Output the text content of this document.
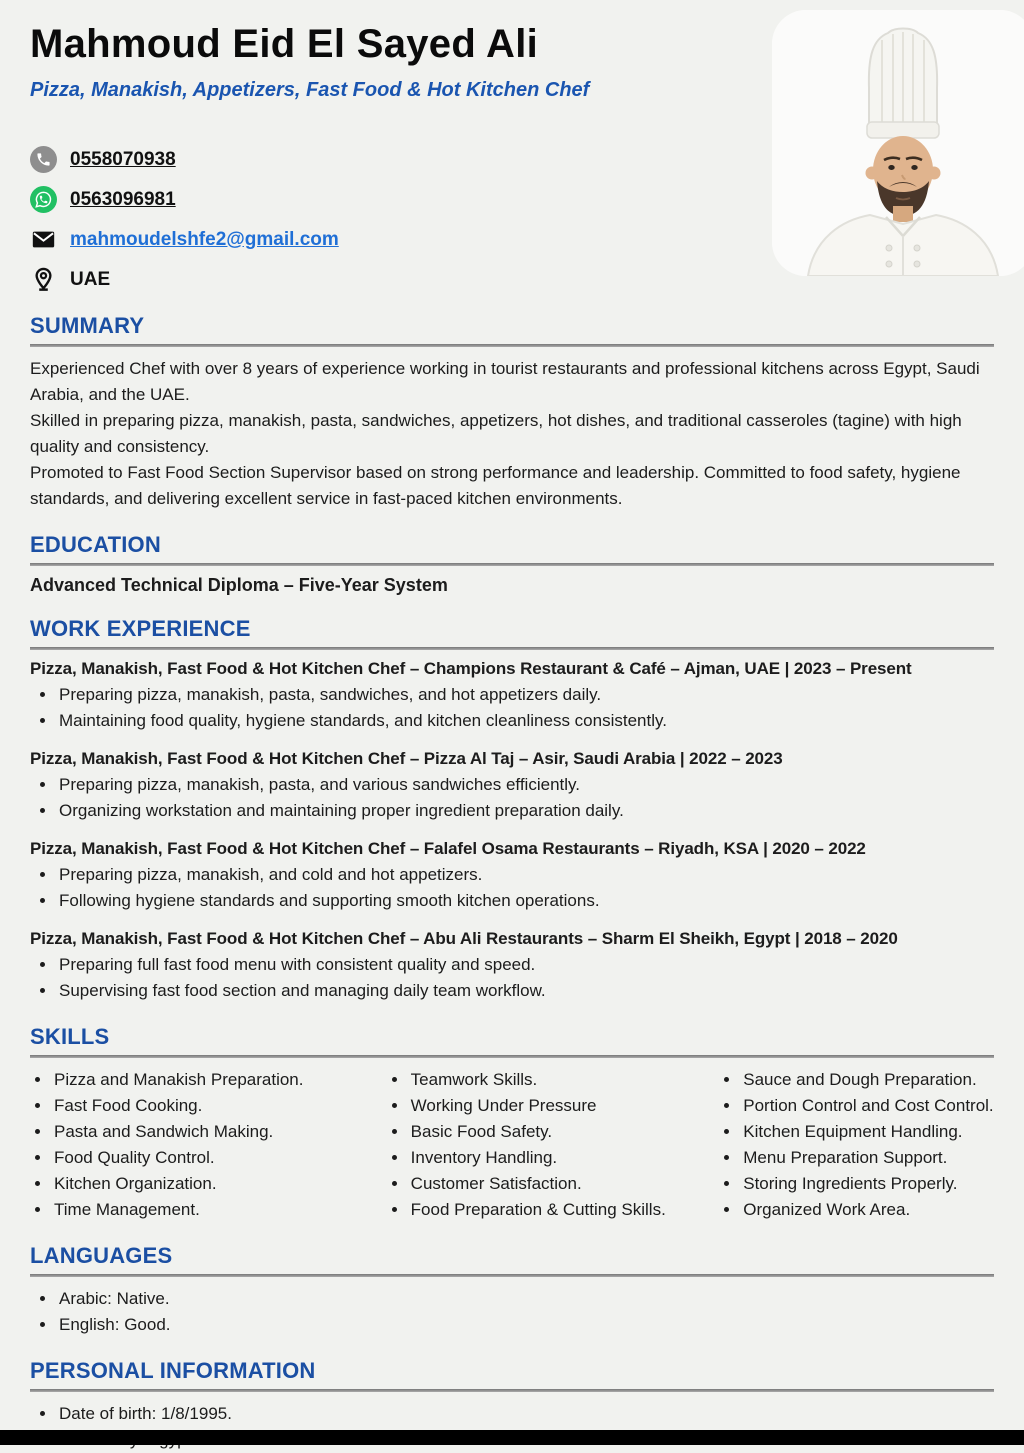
Mahmoud Eid El Sayed Ali
Pizza, Manakish, Appetizers, Fast Food & Hot Kitchen Chef
0558070938
0563096981
mahmoudelshfe2@gmail.com
UAE
SUMMARY

Experienced Chef with over 8 years of experience working in tourist restaurants and professional kitchens across Egypt, Saudi Arabia, and the UAE.

Skilled in preparing pizza, manakish, pasta, sandwiches, appetizers, hot dishes, and traditional casseroles (tagine) with high quality and consistency.

Promoted to Fast Food Section Supervisor based on strong performance and leadership. Committed to food safety, hygiene standards, and delivering excellent service in fast-paced kitchen environments.

EDUCATION
Advanced Technical Diploma – Five-Year System
WORK EXPERIENCE
Pizza, Manakish, Fast Food & Hot Kitchen Chef – Champions Restaurant & Café – Ajman, UAE | 2023 – Present
• Preparing pizza, manakish, pasta, sandwiches, and hot appetizers daily.
• Maintaining food quality, hygiene standards, and kitchen cleanliness consistently.
Pizza, Manakish, Fast Food & Hot Kitchen Chef – Pizza Al Taj – Asir, Saudi Arabia | 2022 – 2023
• Preparing pizza, manakish, pasta, and various sandwiches efficiently.
• Organizing workstation and maintaining proper ingredient preparation daily.
Pizza, Manakish, Fast Food & Hot Kitchen Chef – Falafel Osama Restaurants – Riyadh, KSA | 2020 – 2022
• Preparing pizza, manakish, and cold and hot appetizers.
• Following hygiene standards and supporting smooth kitchen operations.
Pizza, Manakish, Fast Food & Hot Kitchen Chef – Abu Ali Restaurants – Sharm El Sheikh, Egypt | 2018 – 2020
• Preparing full fast food menu with consistent quality and speed.
• Supervising fast food section and managing daily team workflow.
SKILLS
• Pizza and Manakish Preparation.
• Fast Food Cooking.
• Pasta and Sandwich Making.
• Food Quality Control.
• Kitchen Organization.
• Time Management.
• Teamwork Skills.
• Working Under Pressure
• Basic Food Safety.
• Inventory Handling.
• Customer Satisfaction.
• Food Preparation & Cutting Skills.
• Sauce and Dough Preparation.
• Portion Control and Cost Control.
• Kitchen Equipment Handling.
• Menu Preparation Support.
• Storing Ingredients Properly.
• Organized Work Area.
LANGUAGES
• Arabic: Native.
• English: Good.
PERSONAL INFORMATION
• Date of birth: 1/8/1995.
•
